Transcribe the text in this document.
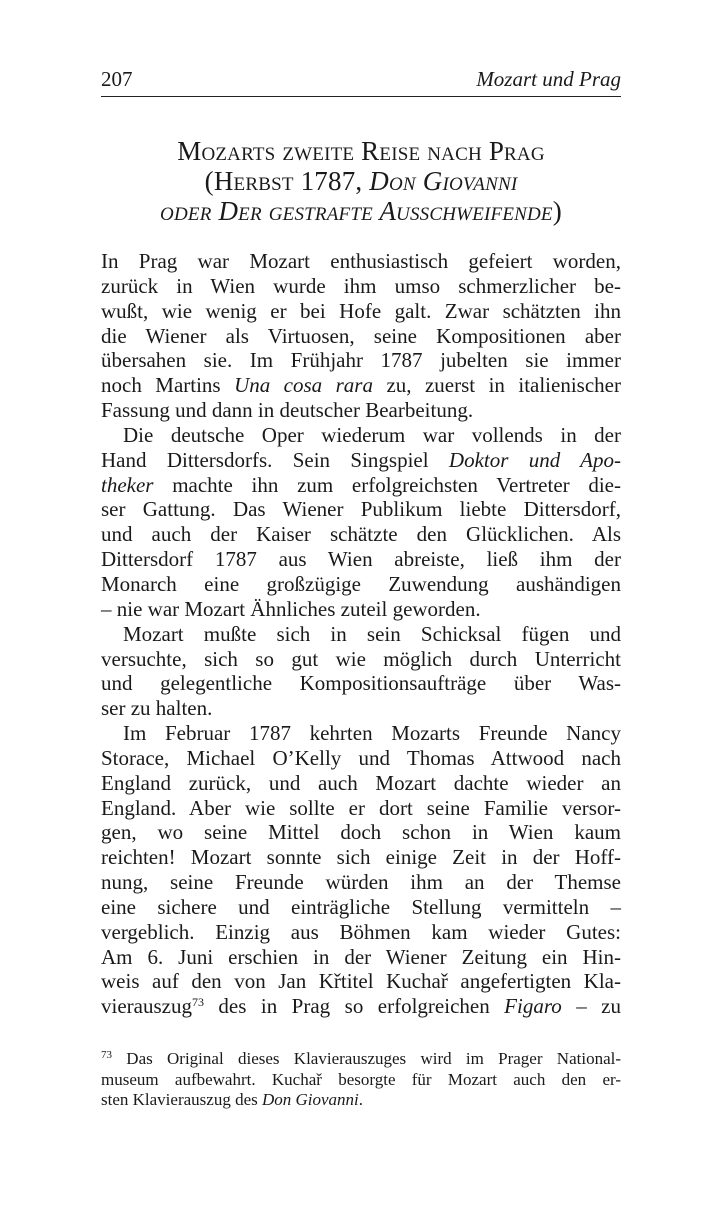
207	Mozart und Prag
Mozarts zweite Reise nach Prag
(Herbst 1787, Don Giovanni
oder Der gestrafte Ausschweifende)
In Prag war Mozart enthusiastisch gefeiert worden,
zurück in Wien wurde ihm umso schmerzlicher be-
wußt, wie wenig er bei Hofe galt. Zwar schätzten ihn
die Wiener als Virtuosen, seine Kompositionen aber
übersahen sie. Im Frühjahr 1787 jubelten sie immer
noch Martins Una cosa rara zu, zuerst in italienischer
Fassung und dann in deutscher Bearbeitung.
Die deutsche Oper wiederum war vollends in der
Hand Dittersdorfs. Sein Singspiel Doktor und Apo-
theker machte ihn zum erfolgreichsten Vertreter die-
ser Gattung. Das Wiener Publikum liebte Dittersdorf,
und auch der Kaiser schätzte den Glücklichen. Als
Dittersdorf 1787 aus Wien abreiste, ließ ihm der
Monarch eine großzügige Zuwendung aushändigen
– nie war Mozart Ähnliches zuteil geworden.
Mozart mußte sich in sein Schicksal fügen und
versuchte, sich so gut wie möglich durch Unterricht
und gelegentliche Kompositionsaufträge über Was-
ser zu halten.
Im Februar 1787 kehrten Mozarts Freunde Nancy
Storace, Michael O’Kelly und Thomas Attwood nach
England zurück, und auch Mozart dachte wieder an
England. Aber wie sollte er dort seine Familie versor-
gen, wo seine Mittel doch schon in Wien kaum
reichten! Mozart sonnte sich einige Zeit in der Hoff-
nung, seine Freunde würden ihm an der Themse
eine sichere und einträgliche Stellung vermitteln –
vergeblich. Einzig aus Böhmen kam wieder Gutes:
Am 6. Juni erschien in der Wiener Zeitung ein Hin-
weis auf den von Jan Křtitel Kuchař angefertigten Kla-
vierauszug$^{73}$ des in Prag so erfolgreichen Figaro – zu
$^{73}$ Das Original dieses Klavierauszuges wird im Prager National-
museum aufbewahrt. Kuchař besorgte für Mozart auch den er-
sten Klavierauszug des Don Giovanni.
